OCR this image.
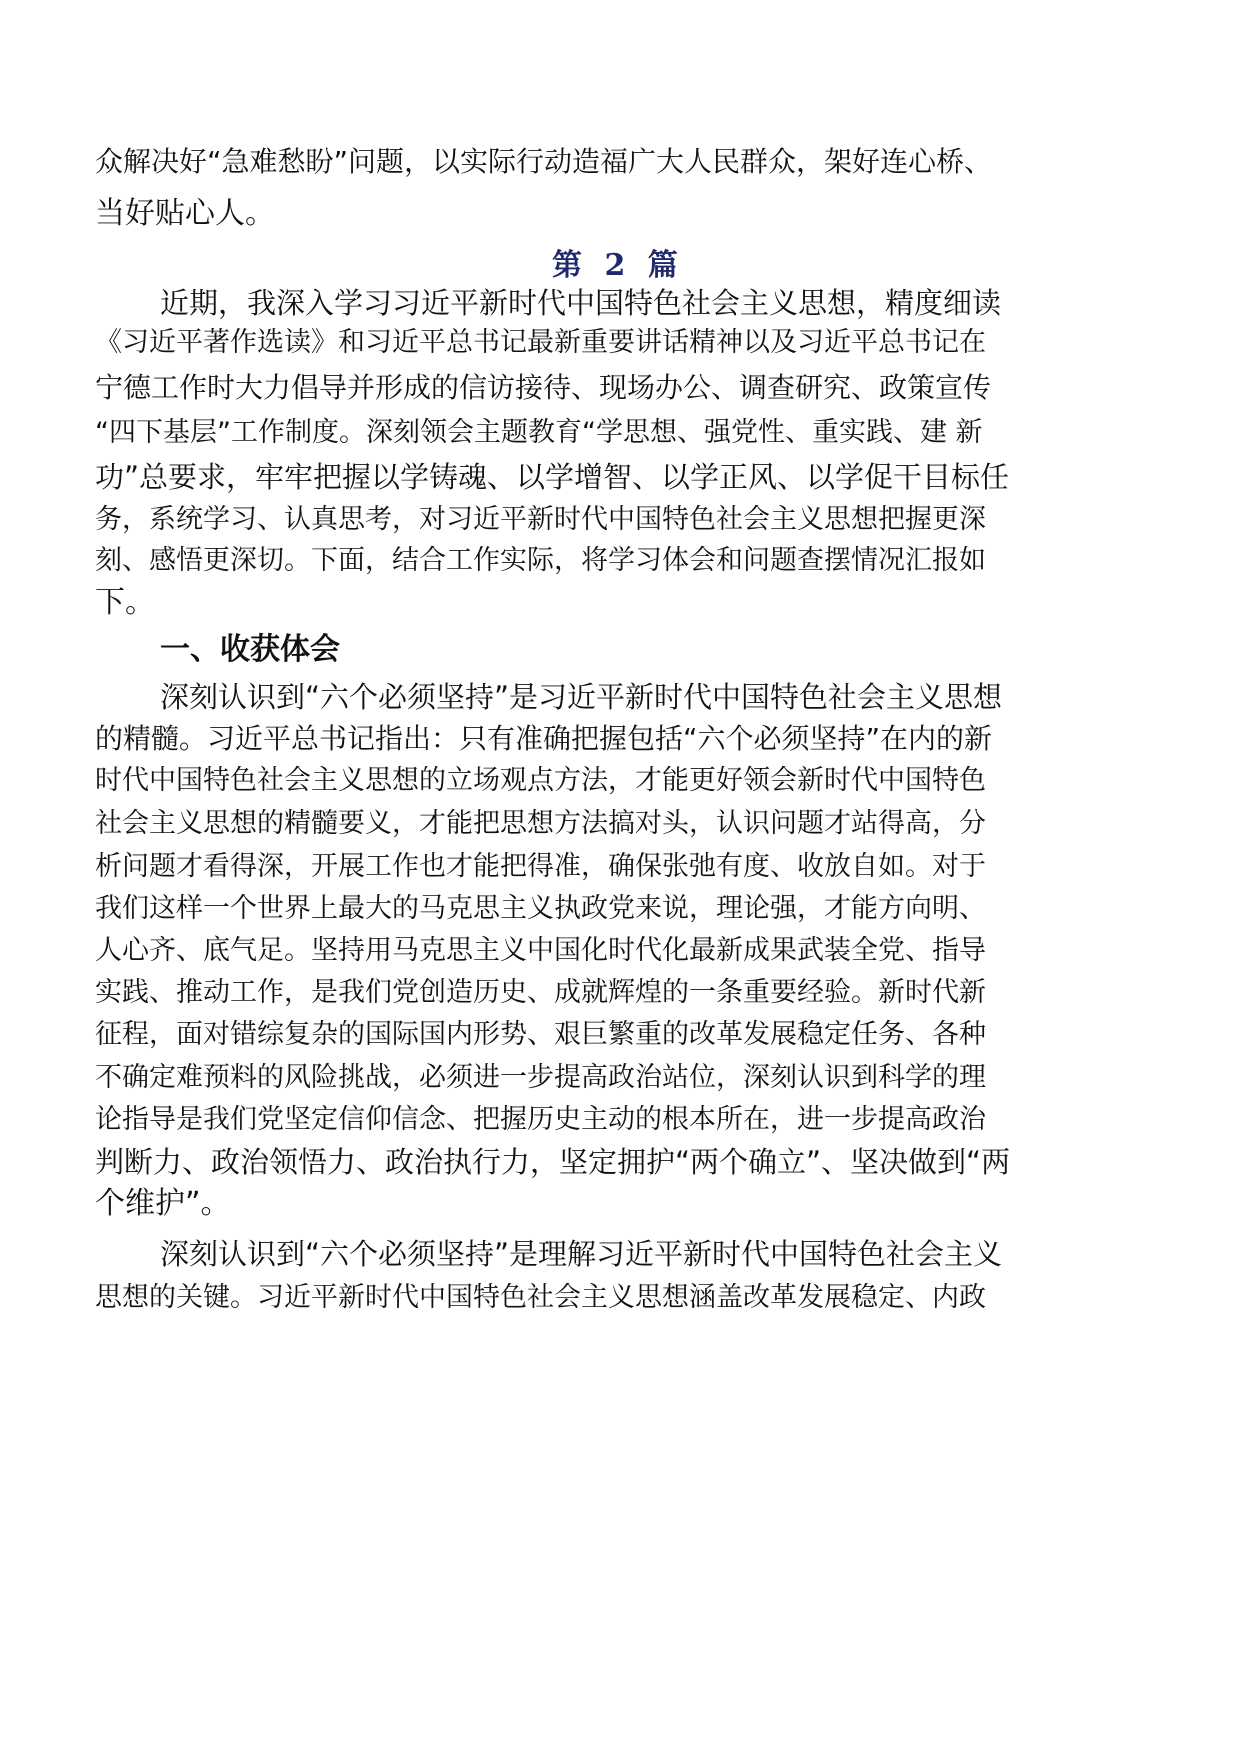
众解决好“急难愁盼”问题，以实际行动造福广大人民群众，架好连心桥、
当好贴心人。
第 2 篇
近期，我深入学习习近平新时代中国特色社会主义思想，精度细读
《习近平著作选读》和习近平总书记最新重要讲话精神以及习近平总书记在
宁德工作时大力倡导并形成的信访接待、现场办公、调查研究、政策宣传
“四下基层”工作制度。深刻领会主题教育“学思想、强党性、重实践、建 新
功”总要求，牢牢把握以学铸魂、以学增智、以学正风、以学促干目标任
务，系统学习、认真思考，对习近平新时代中国特色社会主义思想把握更深
刻、感悟更深切。下面，结合工作实际，将学习体会和问题查摆情况汇报如
下。
一、收获体会
深刻认识到“六个必须坚持”是习近平新时代中国特色社会主义思想
的精髓。习近平总书记指出：只有准确把握包括“六个必须坚持”在内的新
时代中国特色社会主义思想的立场观点方法，才能更好领会新时代中国特色
社会主义思想的精髓要义，才能把思想方法搞对头，认识问题才站得高，分
析问题才看得深，开展工作也才能把得准，确保张弛有度、收放自如。对于
我们这样一个世界上最大的马克思主义执政党来说，理论强，才能方向明、
人心齐、底气足。坚持用马克思主义中国化时代化最新成果武装全党、指导
实践、推动工作，是我们党创造历史、成就辉煌的一条重要经验。新时代新
征程，面对错综复杂的国际国内形势、艰巨繁重的改革发展稳定任务、各种
不确定难预料的风险挑战，必须进一步提高政治站位，深刻认识到科学的理
论指导是我们党坚定信仰信念、把握历史主动的根本所在，进一步提高政治
判断力、政治领悟力、政治执行力，坚定拥护“两个确立”、坚决做到“两
个维护”。
深刻认识到“六个必须坚持”是理解习近平新时代中国特色社会主义
思想的关键。习近平新时代中国特色社会主义思想涵盖改革发展稳定、内政
